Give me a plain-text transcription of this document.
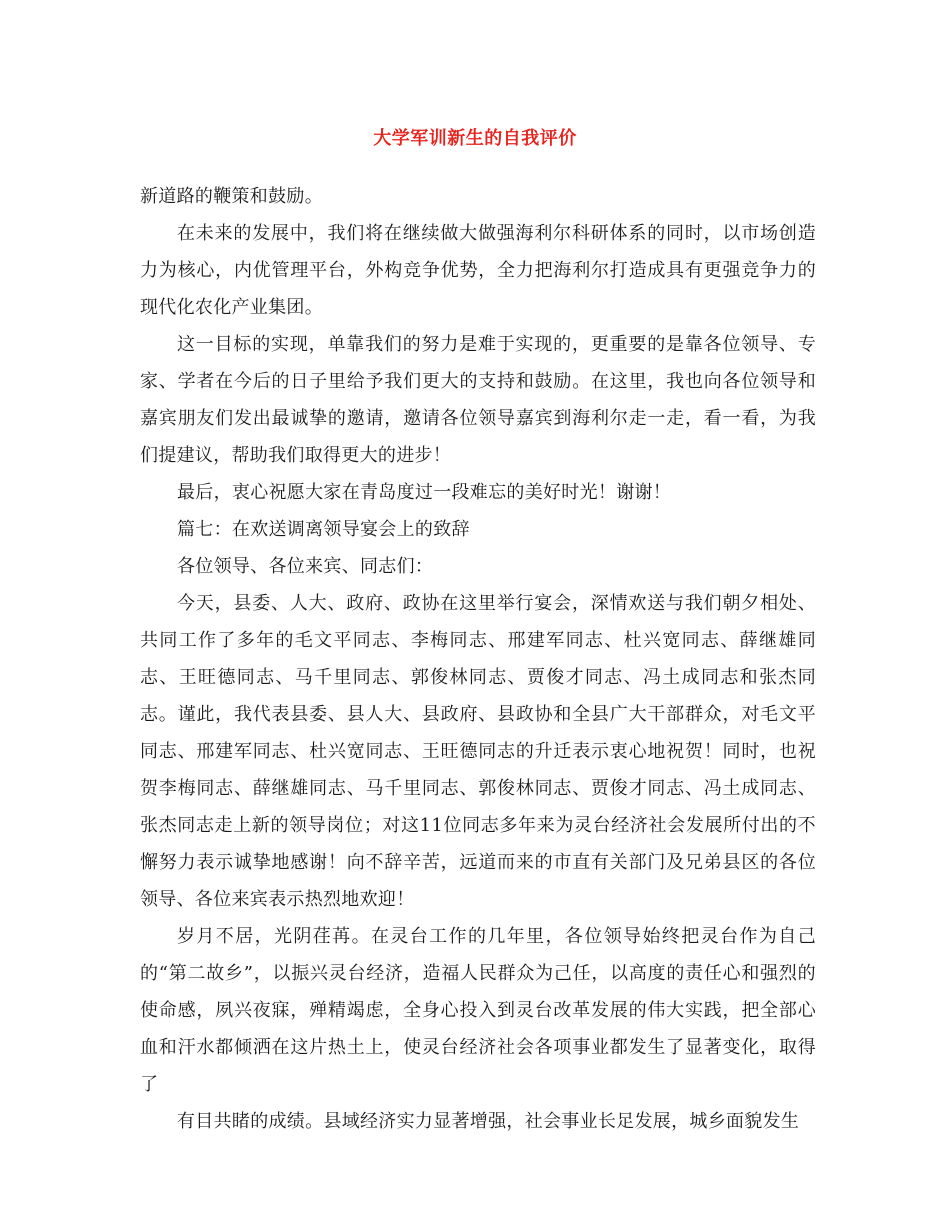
大学军训新生的自我评价

新道路的鞭策和鼓励。

在未来的发展中，我们将在继续做大做强海利尔科研体系的同时，以市场创造力为核心，内优管理平台，外构竞争优势，全力把海利尔打造成具有更强竞争力的现代化农化产业集团。

这一目标的实现，单靠我们的努力是难于实现的，更重要的是靠各位领导、专家、学者在今后的日子里给予我们更大的支持和鼓励。在这里，我也向各位领导和嘉宾朋友们发出最诚挚的邀请，邀请各位领导嘉宾到海利尔走一走，看一看，为我们提建议，帮助我们取得更大的进步！

最后，衷心祝愿大家在青岛度过一段难忘的美好时光！谢谢！

篇七：在欢送调离领导宴会上的致辞

各位领导、各位来宾、同志们：

今天，县委、人大、政府、政协在这里举行宴会，深情欢送与我们朝夕相处、共同工作了多年的毛文平同志、李梅同志、邢建军同志、杜兴宽同志、薛继雄同志、王旺德同志、马千里同志、郭俊林同志、贾俊才同志、冯土成同志和张杰同志。谨此，我代表县委、县人大、县政府、县政协和全县广大干部群众，对毛文平同志、邢建军同志、杜兴宽同志、王旺德同志的升迁表示衷心地祝贺！同时，也祝贺李梅同志、薛继雄同志、马千里同志、郭俊林同志、贾俊才同志、冯土成同志、张杰同志走上新的领导岗位；对这11位同志多年来为灵台经济社会发展所付出的不懈努力表示诚挚地感谢！向不辞辛苦，远道而来的市直有关部门及兄弟县区的各位领导、各位来宾表示热烈地欢迎！

岁月不居，光阴荏苒。在灵台工作的几年里，各位领导始终把灵台作为自己的“第二故乡”，以振兴灵台经济，造福人民群众为己任，以高度的责任心和强烈的使命感，夙兴夜寐，殚精竭虑，全身心投入到灵台改革发展的伟大实践，把全部心血和汗水都倾洒在这片热土上，使灵台经济社会各项事业都发生了显著变化，取得了

有目共睹的成绩。县域经济实力显著增强，社会事业长足发展，城乡面貌发生
